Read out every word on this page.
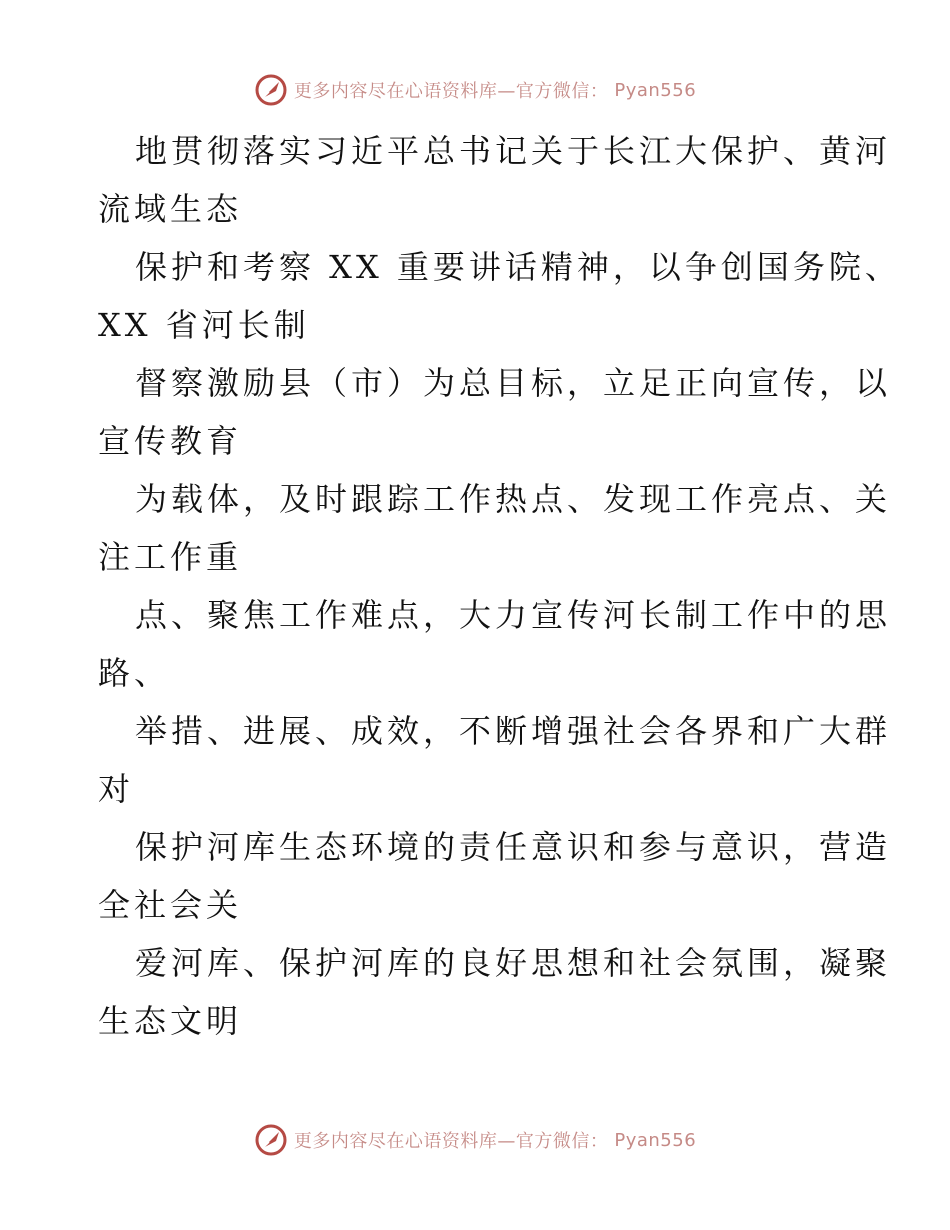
更多内容尽在心语资料库—官方微信： Pyan556
地贯彻落实习近平总书记关于长江大保护、黄河
流域生态
保护和考察 XX 重要讲话精神，以争创国务院、
XX 省河长制
督察激励县（市）为总目标，立足正向宣传，以
宣传教育
为载体，及时跟踪工作热点、发现工作亮点、关
注工作重
点、聚焦工作难点，大力宣传河长制工作中的思
路、
举措、进展、成效，不断增强社会各界和广大群
对
保护河库生态环境的责任意识和参与意识，营造
全社会关
爱河库、保护河库的良好思想和社会氛围，凝聚
生态文明
更多内容尽在心语资料库—官方微信： Pyan556
